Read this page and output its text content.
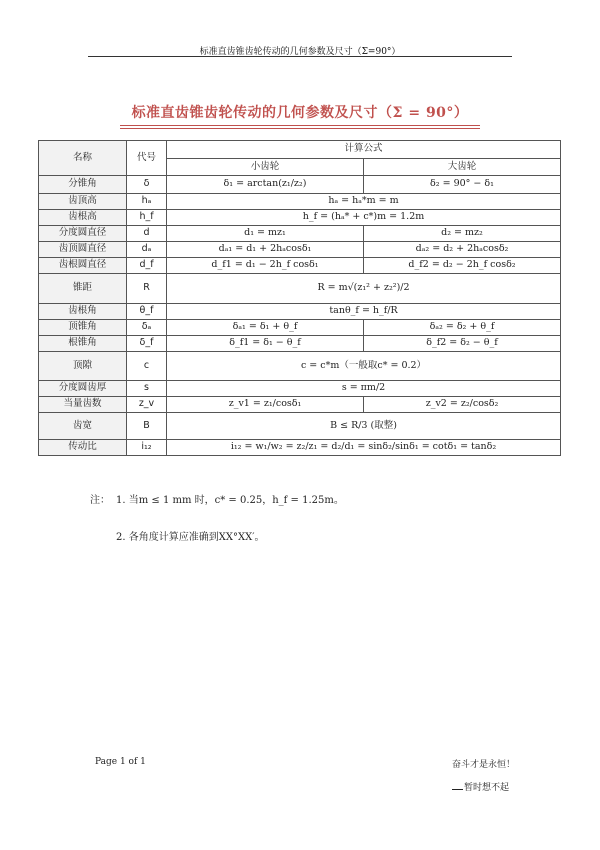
标准直齿锥齿轮传动的几何参数及尺寸（Σ=90°）
标准直齿锥齿轮传动的几何参数及尺寸（Σ = 90°）
名称	代号	计算公式	
		小齿轮	大齿轮
分锥角	δ	δ₁ = arctan(z₁/z₂)	δ₂ = 90° − δ₁
齿顶高	hₐ	hₐ = hₐ*m = m	
齿根高	h_f	h_f = (hₐ* + c*)m = 1.2m	
分度圆直径	d	d₁ = mz₁	d₂ = mz₂
齿顶圆直径	dₐ	dₐ₁ = d₁ + 2hₐcosδ₁	dₐ₂ = d₂ + 2hₐcosδ₂
齿根圆直径	d_f	d_f1 = d₁ − 2h_f cosδ₁	d_f2 = d₂ − 2h_f cosδ₂
锥距	R	R = m√(z₁² + z₂²)/2	
齿根角	θ_f	tanθ_f = h_f/R	
顶锥角	δₐ	δₐ₁ = δ₁ + θ_f	δₐ₂ = δ₂ + θ_f
根锥角	δ_f	δ_f1 = δ₁ − θ_f	δ_f2 = δ₂ − θ_f
顶隙	c	c = c*m（一般取c* = 0.2）	
分度圆齿厚	s	s = πm/2	
当量齿数	z_v	z_v1 = z₁/cosδ₁	z_v2 = z₂/cosδ₂
齿宽	B	B ≤ R/3 (取整)	
传动比	i₁₂	i₁₂ = w₁/w₂ = z₂/z₁ = d₂/d₁ = sinδ₂/sinδ₁ = cotδ₁ = tanδ₂	
注： 1. 当m ≤ 1 mm 时，c* = 0.25，h_f = 1.25m。
2. 各角度计算应准确到XX°XX′。
Page 1 of 1	奋斗才是永恒！
暂时想不起
